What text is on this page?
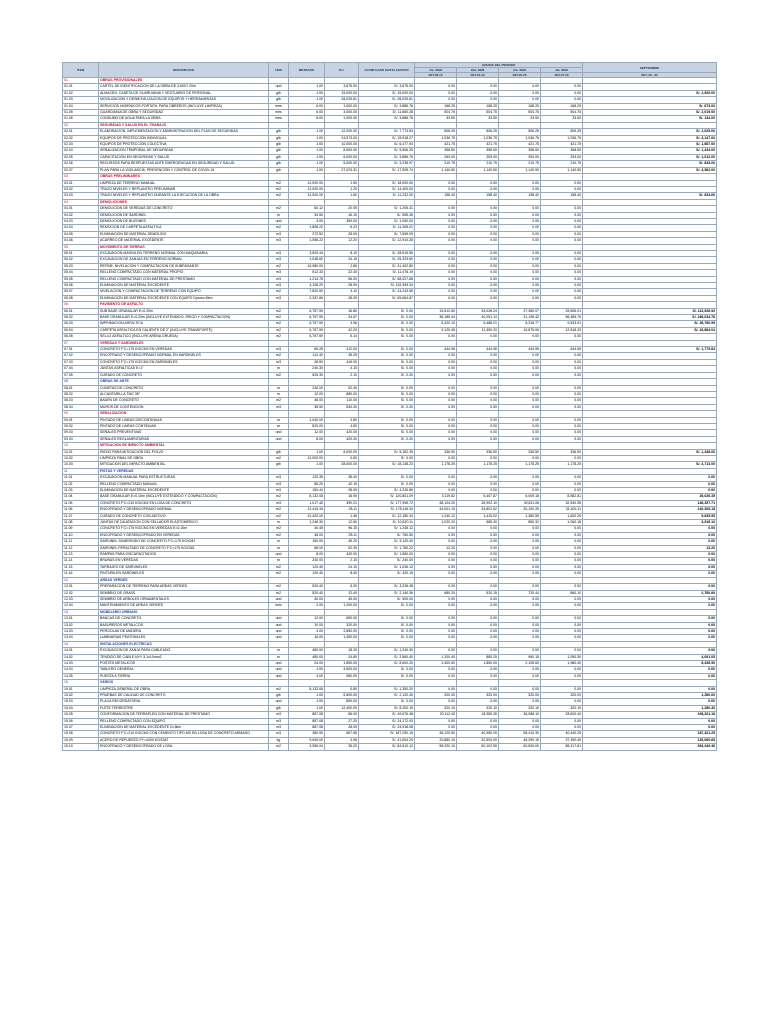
ITEM	DESCRIPCION	UND	METRADO	P.U.	ACUMULADO HASTA AGOSTO	AVANCE DEL PERIODO				SEPTIEMBRE
						1ra. SEM	2da. SEM	3ra. SEM	4ta. SEM	
						SET.09-12	SET.13-19	SET.20-26	SET.27-30	SET. 09 - 30
01	OBRAS PROVISIONALES									
01.01	CARTEL DE IDENTIFICACION DE LA OBRA DE 3.60X7.20m	und	1.00	3,675.00	S/. 3,675.00	0.00	0.00	0.00	0.00	
01.02	ALMACEN, CASETA DE GUARDIANIA Y VESTUARIO DE PERSONAL	glb	1.00	15,000.00	S/. 15,000.00	0.00	0.00	0.00	0.00	S/. 2,520.00
01.03	MOVILIZACION Y DESMOVILIZACION DE EQUIPOS Y HERRAMIENTAS	glb	1.00	28,025.81	S/. 28,025.81	0.00	0.00	0.00	0.00	
01.04	SERVICIOS HIGIENICOS PORTATIL PARA OBREROS (INCLUYE LIMPIEZA)	mes	6.00	1,000.00	S/. 3,886.76	168.25	168.25	168.25	168.25	S/. 673.00
01.05	GUARDIANIA DE OBRA Y SEGURIDAD	mes	6.00	3,000.00	S/. 11,660.28	504.75	504.75	504.75	504.75	S/. 2,019.00
01.06	CONSUMO DE AGUA PARA LA OBRA	mes	6.00	1,000.00	S/. 3,886.76	33.50	33.50	33.50	33.50	S/. 134.00
02	SEGURIDAD Y SALUD EN EL TRABAJO									
02.01	ELABORACION, IMPLEMENTACION Y ADMINISTRACION DEL PLAN DE SEGURIDAD	glb	1.00	12,000.00	S/. 7,773.53	506.25	506.25	506.25	506.25	S/. 2,025.00
02.02	EQUIPOS DE PROTECCION INDIVIDUAL	glb	1.00	24,573.00	S/. 15,918.27	1,036.75	1,036.75	1,036.75	1,036.75	S/. 4,147.00
02.03	EQUIPOS DE PROTECCION COLECTIVA	glb	1.00	10,000.00	S/. 6,477.94	421.75	421.75	421.75	421.75	S/. 1,687.00
02.04	SEÑALIZACION TEMPORAL DE SEGURIDAD	glb	1.00	8,500.00	S/. 5,506.25	358.50	358.50	358.50	358.50	S/. 1,434.00
02.05	CAPACITACION EN SEGURIDAD Y SALUD	glb	1.00	6,000.00	S/. 3,886.76	253.00	253.00	253.00	253.00	S/. 1,012.00
02.06	RECURSOS PARA RESPUESTAS ANTE EMERGENCIAS EN SEGURIDAD Y SALUD	glb	1.00	5,000.00	S/. 3,238.97	210.75	210.75	210.75	210.75	S/. 843.00
02.07	PLAN PARA LA VIGILANCIA, PREVENCION Y CONTROL DE COVID-19	glb	1.00	27,023.31	S/. 17,505.74	1,140.50	1,140.50	1,140.50	1,140.50	S/. 4,562.00
03	OBRAS PRELIMINARES									
03.01	LIMPIEZA DE TERRENO MANUAL	m2	12,000.00	1.50	S/. 18,000.00	0.00	0.00	0.00	0.00	
03.02	TRAZO NIVELES Y REPLANTEO PRELIMINAR	m2	12,000.00	1.20	S/. 14,400.00	0.00	0.00	0.00	0.00	
03.03	TRAZO NIVELES Y REPLANTEO DURANTE LA EJECUCION DE LA OBRA	m2	12,000.00	1.60	S/. 11,232.00	158.40	158.40	158.40	158.40	S/. 633.60
04	DEMOLICIONES									
04.01	DEMOLICION DE VEREDAS DE CONCRETO	m2	60.12	20.05	S/. 1,205.41	0.00	0.00	0.00	0.00	
04.02	DEMOLICION DE SARDINEL	m	34.50	16.10	S/. 555.45	0.00	0.00	0.00	0.00	
04.03	DEMOLICION DE BUZONES	und	3.00	350.00	S/. 1,050.00	0.00	0.00	0.00	0.00	
04.04	REMOCION DE CARPETA ASFALTICA	m2	1,808.22	6.23	S/. 11,265.21	0.00	0.00	0.00	0.00	
04.05	ELIMINACION DE MATERIAL DEMOLIDO	m3	272.52	28.09	S/. 7,655.09	0.00	0.00	0.00	0.00	
04.06	ACARREO DE MATERIAL EXCEDENTE	m3	1,058.22	12.20	S/. 12,910.28	0.00	0.00	0.00	0.00	
05	MOVIMIENTO DE TIERRAS									
05.01	EXCAVACION MASIVA EN TERRENO NORMAL CON MAQUINARIA	m3	3,520.44	8.10	S/. 28,515.56	0.00	0.00	0.00	0.00	
05.02	EXCAVACION DE ZANJAS EN TERRENO NORMAL	m3	1,048.60	24.15	S/. 25,323.69	0.00	0.00	0.00	0.00	
05.03	REFINE, NIVELACION Y COMPACTACION DE SUBRASANTE	m2	10,980.00	2.86	S/. 31,402.80	0.00	0.00	0.00	0.00	
05.04	RELLENO COMPACTADO CON MATERIAL PROPIO	m3	512.33	22.40	S/. 11,476.19	0.00	0.00	0.00	0.00	
05.05	RELLENO COMPACTADO CON MATERIAL DE PRESTAMO	m3	1,214.78	56.00	S/. 68,027.68	0.00	0.00	0.00	0.00	
05.06	ELIMINACION DE MATERIAL EXCEDENTE	m3	4,108.20	28.09	S/. 115,399.34	0.00	0.00	0.00	0.00	
05.07	NIVELACION Y COMPACTACION DE TERRENO CON EQUIPO	m2	7,820.50	3.10	S/. 24,243.55	0.00	0.00	0.00	0.00	
05.08	ELIMINACION DE MATERIAL EXCEDENTE CON EQUIPO Dprom=5km	m3	2,337.66	28.09	S/. 65,664.87	0.00	0.00	0.00	0.00	
06	PAVIMENTO DE ASFALTO									
06.01	SUB BASE GRANULAR E=0.20m	m2	6,757.59	16.80	S/. 0.00	19,612.60	33,028.24	27,380.07	33,506.01	S/. 113,526.92
06.02	BASE GRANULAR E=0.20m (INCLUYE EXTENDIDO, RIEGO Y COMPACTACION)	m2	6,757.59	24.57	S/. 0.00	38,185.44	40,251.14	31,108.42	56,489.76	S/. 166,034.76
06.03	IMPRIMACION ASFALTICA	m2	6,757.59	3.96	S/. 0.00	5,420.10	6,488.21	5,318.77	9,533.91	S/. 26,760.99
06.04	CARPETA ASFALTICA EN CALIENTE DE 2" (INCLUYE TRANSPORTE)	m2	6,757.59	42.20	S/. 0.00	9,120.45	11,350.20	10,875.06	12,518.33	S/. 43,864.04
06.05	SELLO ASFALTICO (INCLUYE ARENA GRUESA)	m2	6,757.59	5.14	S/. 0.00	0.00	0.00	0.00	0.00	
07	VEREDAS Y SARDINELES									
07.01	CONCRETO F'C=175 KG/CM2 EN VEREDAS	m3	65.28	412.00	S/. 0.00	444.96	444.96	444.96	444.96	S/. 1,779.84
07.02	ENCOFRADO Y DESENCOFRADO NORMAL EN SARDINELES	m2	112.40	35.25	S/. 0.00	0.00	0.00	0.00	0.00	
07.03	CONCRETO F'C=175 KG/CM2 EN SARDINELES	m3	28.60	415.00	S/. 0.00	0.00	0.00	0.00	0.00	
07.04	JUNTAS ASFALTICAS E=1"	m	240.30	4.15	S/. 0.00	0.00	0.00	0.00	0.00	
07.05	CURADO DE CONCRETO	m2	525.30	2.10	S/. 0.00	0.00	0.00	0.00	0.00	
08	OBRAS DE ARTE									
08.01	CUNETAS DE CONCRETO	m	240.00	52.40	S/. 0.00	0.00	0.00	0.00	0.00	
08.02	ALCANTARILLA TMC 36"	m	12.00	680.00	S/. 0.00	0.00	0.00	0.00	0.00	
08.03	BADEN DE CONCRETO	m2	48.00	110.00	S/. 0.00	0.00	0.00	0.00	0.00	
08.04	MUROS DE CONTENCION	m3	38.50	540.00	S/. 0.00	0.00	0.00	0.00	0.00	
09	SEÑALIZACION									
09.01	PINTADO DE LINEAS DISCONTINUAS	m	1,040.00	4.80	S/. 0.00	0.00	0.00	0.00	0.00	
09.02	PINTADO DE LINEAS CONTINUAS	m	820.00	4.80	S/. 0.00	0.00	0.00	0.00	0.00	
09.03	SEÑALES PREVENTIVAS	und	12.00	420.00	S/. 0.00	0.00	0.00	0.00	0.00	
09.04	SEÑALES REGLAMENTARIAS	und	8.00	420.00	S/. 0.00	0.00	0.00	0.00	0.00	
10	MITIGACION DE IMPACTO AMBIENTAL									
10.01	RIEGO PARA MITIGACION DEL POLVO	glb	1.00	8,000.00	S/. 5,182.35	336.50	336.50	336.50	336.50	S/. 1,346.00
10.02	LIMPIEZA FINAL DE OBRA	m2	12,000.00	0.80	S/. 0.00	0.00	0.00	0.00	0.00	
10.03	MITIGACION DEL IMPACTO AMBIENTAL	glb	1.00	28,000.00	S/. 18,138.23	1,178.25	1,178.25	1,178.25	1,178.25	S/. 4,713.00
11	PISTAS Y VEREDAS									
11.01	EXCAVACION MANUAL PARA ESTRUCTURAS	m3	120.35	38.40	S/. 0.00	0.00	0.00	0.00	0.00	0.00
11.02	RELLENO COMPACTADO MANUAL	m3	85.20	42.15	S/. 0.00	0.00	0.00	0.00	0.00	0.00
11.03	ELIMINACION DE MATERIAL EXCEDENTE	m3	150.44	28.09	S/. 4,225.86	0.00	0.00	0.00	0.00	0.00
11.04	BASE GRANULAR E=0.15m (INCLUYE EXTENDIDO Y COMPACTACION)	m2	8,132.08	18.90	S/. 120,801.09	3,119.52	5,407.87	6,009.18	8,582.81	26,026.35
11.05	CONCRETO F'C=210 KG/CM2 EN LOSA DE CONCRETO	m3	1,017.40	390.21	S/. 177,996.72	48,104.20	26,902.10	30,811.06	32,540.35	138,357.71
11.06	ENCOFRADO Y DESENCOFRADO NORMAL	m2	12,415.34	28.11	S/. 178,116.34	44,001.19	34,801.62	30,100.26	31,402.11	140,305.18
11.07	CURADO DE CONCRETO CON ADITIVO	m2	12,420.00	1.46	S/. 12,180.34	1,240.12	1,415.02	1,380.55	1,600.26	5,635.95
11.08	JUNTAS DE DILATACION CON SELLADOR ELASTOMERICO	m	1,248.30	12.60	S/. 10,520.11	1,020.20	985.40	850.32	1,060.18	3,916.10
11.09	CONCRETO F'C=175 KG/CM2 EN VEREDAS E=0.10m	m2	40.45	96.15	S/. 1,245.12	0.00	0.00	0.00	0.00	0.00
11.10	ENCOFRADO Y DESENCOFRADO EN VEREDAS	m2	48.00	28.11	S/. 760.50	0.00	0.00	0.00	0.00	0.00
11.11	SARDINEL SUMERGIDO DE CONCRETO F'C=175 KG/CM2	m	150.00	45.20	S/. 3,120.40	0.00	0.00	0.00	0.00	0.00
11.12	SARDINEL PERALTADO DE CONCRETO F'C=175 KG/CM2	m	68.00	52.30	S/. 1,780.22	12.20	0.00	0.00	0.00	12.20
11.13	RAMPAS PARA DISCAPACITADOS	und	8.00	420.00	S/. 1,680.00	0.00	0.00	0.00	0.00	0.00
11.14	BRUÑAS EN VEREDAS	m	240.00	2.15	S/. 240.00	0.00	0.00	0.00	0.00	0.00
11.15	TARRAJEO DE SARDINELES	m2	120.40	24.10	S/. 1,045.12	0.00	0.00	0.00	0.00	0.00
11.16	PINTURA EN SARDINELES	m2	120.40	8.40	S/. 420.15	0.00	0.00	0.00	0.00	0.00
12	AREAS VERDES									
12.01	PREPARACION DE TERRENO PARA AREAS VERDES	m2	520.40	6.20	S/. 3,226.48	0.00	0.00	0.00	0.00	0.00
12.02	SEMBRIO DE GRASS	m2	520.40	12.40	S/. 2,140.36	680.20	520.15	720.44	860.10	2,780.89
12.03	SEMBRIO DE ARBOLES ORNAMENTALES	und	40.00	45.00	S/. 900.00	0.00	0.00	0.00	0.00	0.00
12.04	MANTENIMIENTO DE AREAS VERDES	mes	2.00	1,200.00	S/. 0.00	0.00	0.00	0.00	0.00	0.00
13	MOBILIARIO URBANO									
13.01	BANCAS DE CONCRETO	und	12.00	650.00	S/. 0.00	0.00	0.00	0.00	0.00	0.00
13.02	BASUREROS METALICOS	und	10.00	320.00	S/. 0.00	0.00	0.00	0.00	0.00	0.00
13.03	PERGOLAS DE MADERA	und	4.00	2,850.00	S/. 0.00	0.00	0.00	0.00	0.00	0.00
13.04	LUMINARIAS PEATONALES	und	16.00	1,450.00	S/. 0.00	0.00	0.00	0.00	0.00	0.00
14	INSTALACIONES ELECTRICAS									
14.01	EXCAVACION DE ZANJA PARA CABLEADO	m	480.00	18.20	S/. 1,240.30	0.00	0.00	0.00	0.00	0.00
14.02	TENDIDO DE CABLE NYY 3-1x10mm2	m	480.00	24.60	S/. 2,560.40	1,200.40	880.20	960.15	1,050.30	4,091.05
14.03	POSTES METALICOS	und	24.00	1,850.00	S/. 8,600.20	2,400.50	1,850.00	2,105.60	1,980.40	8,336.50
14.04	TABLERO GENERAL	und	1.00	4,500.00	S/. 0.00	0.00	0.00	0.00	0.00	0.00
14.05	PUESTA A TIERRA	und	4.00	980.00	S/. 0.00	0.00	0.00	0.00	0.00	0.00
15	VARIOS									
15.01	LIMPIEZA GENERAL DE OBRA	m2	8,132.08	0.80	S/. 1,350.20	0.00	0.00	0.00	0.00	0.00
15.02	PRUEBAS DE CALIDAD DE CONCRETO	glb	1.00	6,500.00	S/. 2,120.40	320.00	320.00	320.00	320.00	1,280.00
15.03	PLACA RECORDATORIA	und	1.00	850.00	S/. 0.00	0.00	0.00	0.00	0.00	0.00
15.04	FLETE TERRESTRE	glb	1.00	12,400.00	S/. 8,200.15	320.10	320.10	320.10	320.10	1,280.40
15.05	CONFORMACION DE TERRAPLEN CON MATERIAL DE PRESTAMO	m3	887.08	56.00	S/. 49,676.48	20,112.40	18,380.26	36,088.10	33,620.40	108,201.16
15.06	RELLENO COMPACTADO CON EQUIPO	m3	887.08	27.25	S/. 24,172.93	0.00	0.00	0.00	0.00	0.00
15.07	ELIMINACION DE MATERIAL EXCEDENTE D=5km	m3	887.08	28.09	S/. 24,918.08	0.00	0.00	0.00	0.00	0.00
15.08	CONCRETO F'C=210 KG/CM2 CON CEMENTO TIPO MS EN LOSA DE CONCRETO ARMADO	m3	380.50	567.98	S/. 187,290.15	48,120.50	40,350.20	58,410.30	40,440.25	187,321.25
15.09	ACERO DE REFUERZO FY=4200 KG/CM2	kg	9,940.00	4.96	S/. 41,004.20	20,880.10	32,500.00	48,290.15	37,390.40	139,060.65
15.10	ENCOFRADO Y DESENCOFRADO DE LOSA	m2	3,056.04	35.20	S/. 84,510.12	58,320.10	60,102.55	60,500.00	85,417.81	264,340.46
